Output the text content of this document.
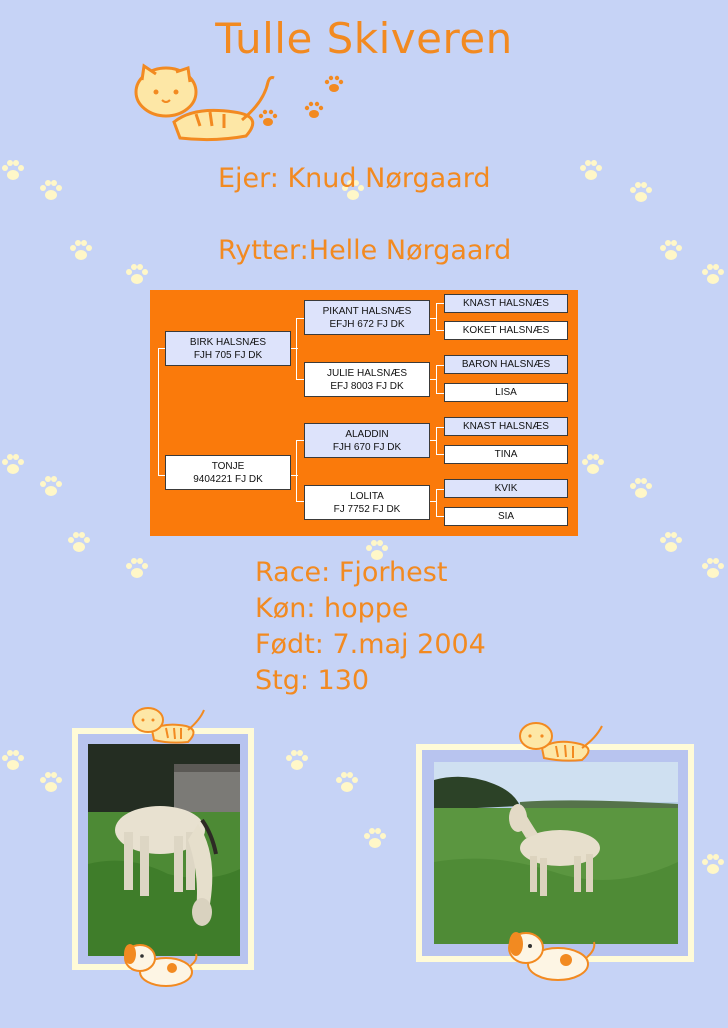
Tulle Skiveren
Ejer: Knud Nørgaard
Rytter:Helle Nørgaard
BIRK HALSNÆS
FJH 705 FJ DK
TONJE
9404221 FJ DK
PIKANT HALSNÆS
EFJH 672 FJ DK
JULIE HALSNÆS
EFJ 8003 FJ DK
ALADDIN
FJH 670 FJ DK
LOLITA
FJ 7752 FJ DK
KNAST HALSNÆS
KOKET HALSNÆS
BARON HALSNÆS
LISA
KNAST HALSNÆS
TINA
KVIK
SIA
Race: Fjorhest
Køn: hoppe
Født: 7.maj 2004
Stg: 130
